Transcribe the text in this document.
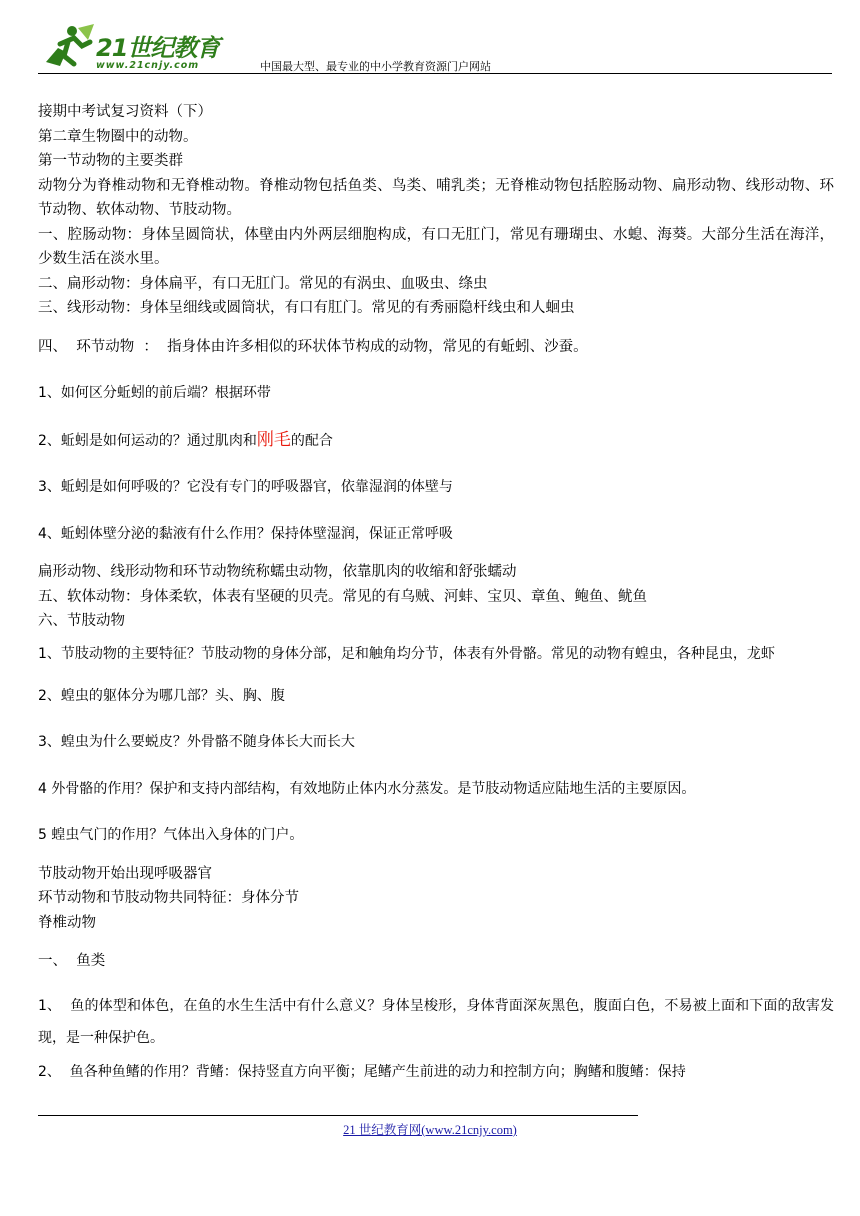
21世纪教育
www.21cnjy.com	中国最大型、最专业的中小学教育资源门户网站

接期中考试复习资料（下）

第二章生物圈中的动物。

第一节动物的主要类群

动物分为脊椎动物和无脊椎动物。脊椎动物包括鱼类、鸟类、哺乳类；无脊椎动物包括腔肠动物、扁形动物、线形动物、环节动物、软体动物、节肢动物。

一、腔肠动物：身体呈圆筒状，体壁由内外两层细胞构成，有口无肛门，常见有珊瑚虫、水螅、海葵。大部分生活在海洋，少数生活在淡水里。

二、扁形动物：身体扁平，有口无肛门。常见的有涡虫、血吸虫、绦虫

三、线形动物：身体呈细线或圆筒状，有口有肛门。常见的有秀丽隐杆线虫和人蛔虫

四、  环节动物  ：  指身体由许多相似的环状体节构成的动物，常见的有蚯蚓、沙蚕。

1、如何区分蚯蚓的前后端？根据环带

2、蚯蚓是如何运动的？通过肌肉和刚毛的配合

3、蚯蚓是如何呼吸的？它没有专门的呼吸器官，依靠湿润的体壁与

4、蚯蚓体壁分泌的黏液有什么作用？保持体壁湿润，保证正常呼吸

扁形动物、线形动物和环节动物统称蠕虫动物，依靠肌肉的收缩和舒张蠕动

五、软体动物：身体柔软，体表有坚硬的贝壳。常见的有乌贼、河蚌、宝贝、章鱼、鲍鱼、鱿鱼

六、节肢动物

1、节肢动物的主要特征？节肢动物的身体分部，足和触角均分节，体表有外骨骼。常见的动物有蝗虫，各种昆虫，龙虾

2、蝗虫的躯体分为哪几部？头、胸、腹

3、蝗虫为什么要蜕皮？外骨骼不随身体长大而长大

4 外骨骼的作用？保护和支持内部结构，有效地防止体内水分蒸发。是节肢动物适应陆地生活的主要原因。

5 蝗虫气门的作用？气体出入身体的门户。

节肢动物开始出现呼吸器官

环节动物和节肢动物共同特征：身体分节

脊椎动物

一、  鱼类

1、  鱼的体型和体色，在鱼的水生生活中有什么意义？身体呈梭形，身体背面深灰黑色，腹面白色，不易被上面和下面的敌害发现，是一种保护色。

2、  鱼各种鱼鳍的作用？背鳍：保持竖直方向平衡；尾鳍产生前进的动力和控制方向；胸鳍和腹鳍：保持

21 世纪教育网(www.21cnjy.com)
